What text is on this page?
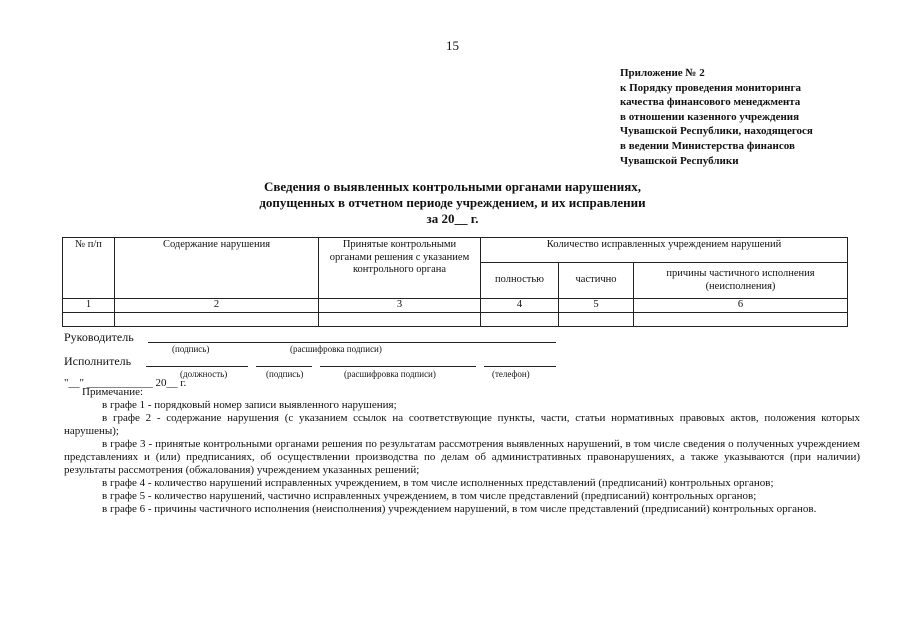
15
Приложение № 2
к Порядку проведения мониторинга
качества финансового менеджмента
в отношении казенного учреждения
Чувашской Республики, находящегося
в ведении Министерства финансов
Чувашской Республики
Сведения о выявленных контрольными органами нарушениях,
допущенных в отчетном периоде учреждением, и их исправлении
за 20__ г.
№ п/п	Содержание нарушения	Принятые контрольными органами решения с указанием контрольного органа	Количество исправленных учреждением нарушений		
			полностью	частично	причины частичного исполнения (неисполнения)
1	2	3	4	5	6

Руководитель
(подпись)	(расшифровка подписи)
Исполнитель
(должность)	(подпись)	(расшифровка подписи)	(телефон)
"__" ____________ 20__ г.

Примечание:

в графе 1 - порядковый номер записи выявленного нарушения;

в графе 2 - содержание нарушения (с указанием ссылок на соответствующие пункты, части, статьи нормативных правовых актов, положения которых нарушены);

в графе 3 - принятые контрольными органами решения по результатам рассмотрения выявленных нарушений, в том числе сведения о полученных учреждением представлениях и (или) предписаниях, об осуществлении производства по делам об административных правонарушениях, а также указываются (при наличии) результаты рассмотрения (обжалования) учреждением указанных решений;

в графе 4 - количество нарушений исправленных учреждением, в том числе исполненных представлений (предписаний) контрольных органов;

в графе 5 - количество нарушений, частично исправленных учреждением, в том числе представлений (предписаний) контрольных органов;

в графе 6 - причины частичного исполнения (неисполнения) учреждением нарушений, в том числе представлений (предписаний) контрольных органов.
